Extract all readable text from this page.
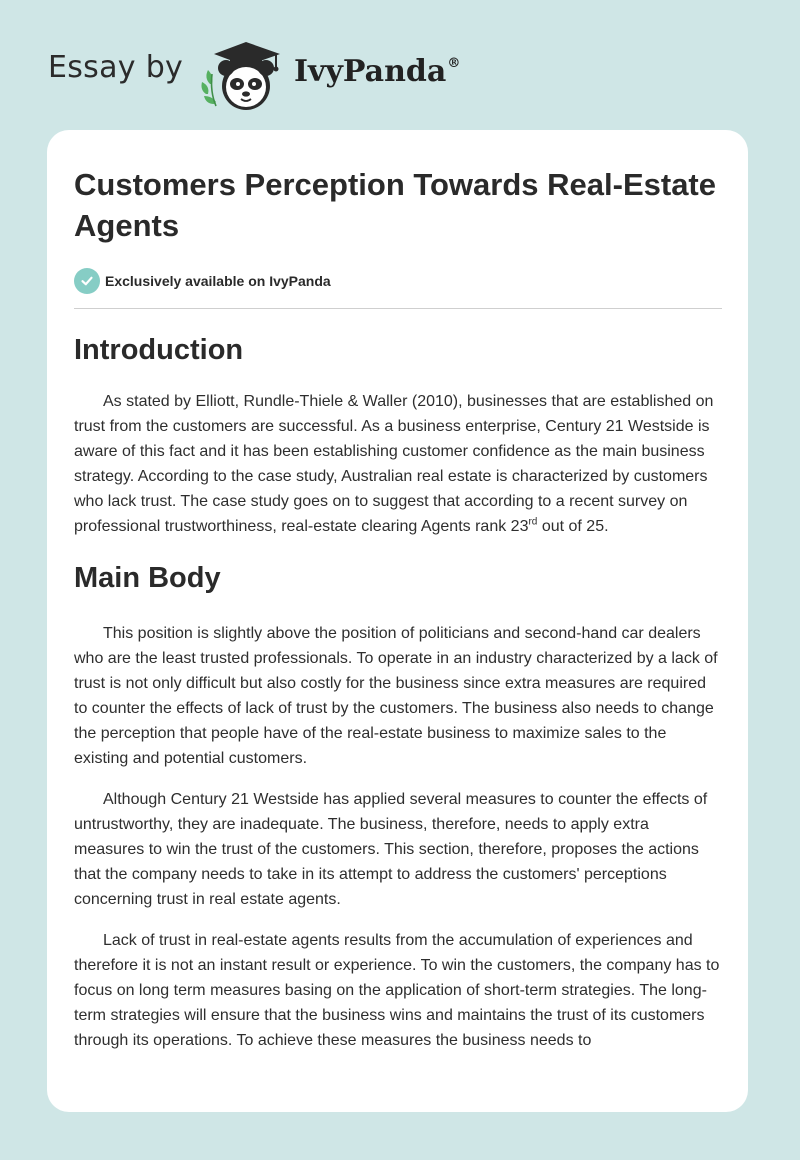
Essay by	IvyPanda®
Customers Perception Towards Real-Estate Agents
Exclusively available on IvyPanda
Introduction

As stated by Elliott, Rundle-Thiele & Waller (2010), businesses that are established on trust from the customers are successful. As a business enterprise, Century 21 Westside is aware of this fact and it has been establishing customer confidence as the main business strategy. According to the case study, Australian real estate is characterized by customers who lack trust. The case study goes on to suggest that according to a recent survey on professional trustworthiness, real-estate clearing Agents rank 23rd out of 25.

Main Body

This position is slightly above the position of politicians and second-hand car dealers who are the least trusted professionals. To operate in an industry characterized by a lack of trust is not only difficult but also costly for the business since extra measures are required to counter the effects of lack of trust by the customers. The business also needs to change the perception that people have of the real-estate business to maximize sales to the existing and potential customers.

Although Century 21 Westside has applied several measures to counter the effects of untrustworthy, they are inadequate. The business, therefore, needs to apply extra measures to win the trust of the customers. This section, therefore, proposes the actions that the company needs to take in its attempt to address the customers' perceptions concerning trust in real estate agents.

Lack of trust in real-estate agents results from the accumulation of experiences and therefore it is not an instant result or experience. To win the customers, the company has to focus on long term measures basing on the application of short-term strategies. The long-term strategies will ensure that the business wins and maintains the trust of its customers through its operations. To achieve these measures the business needs to
